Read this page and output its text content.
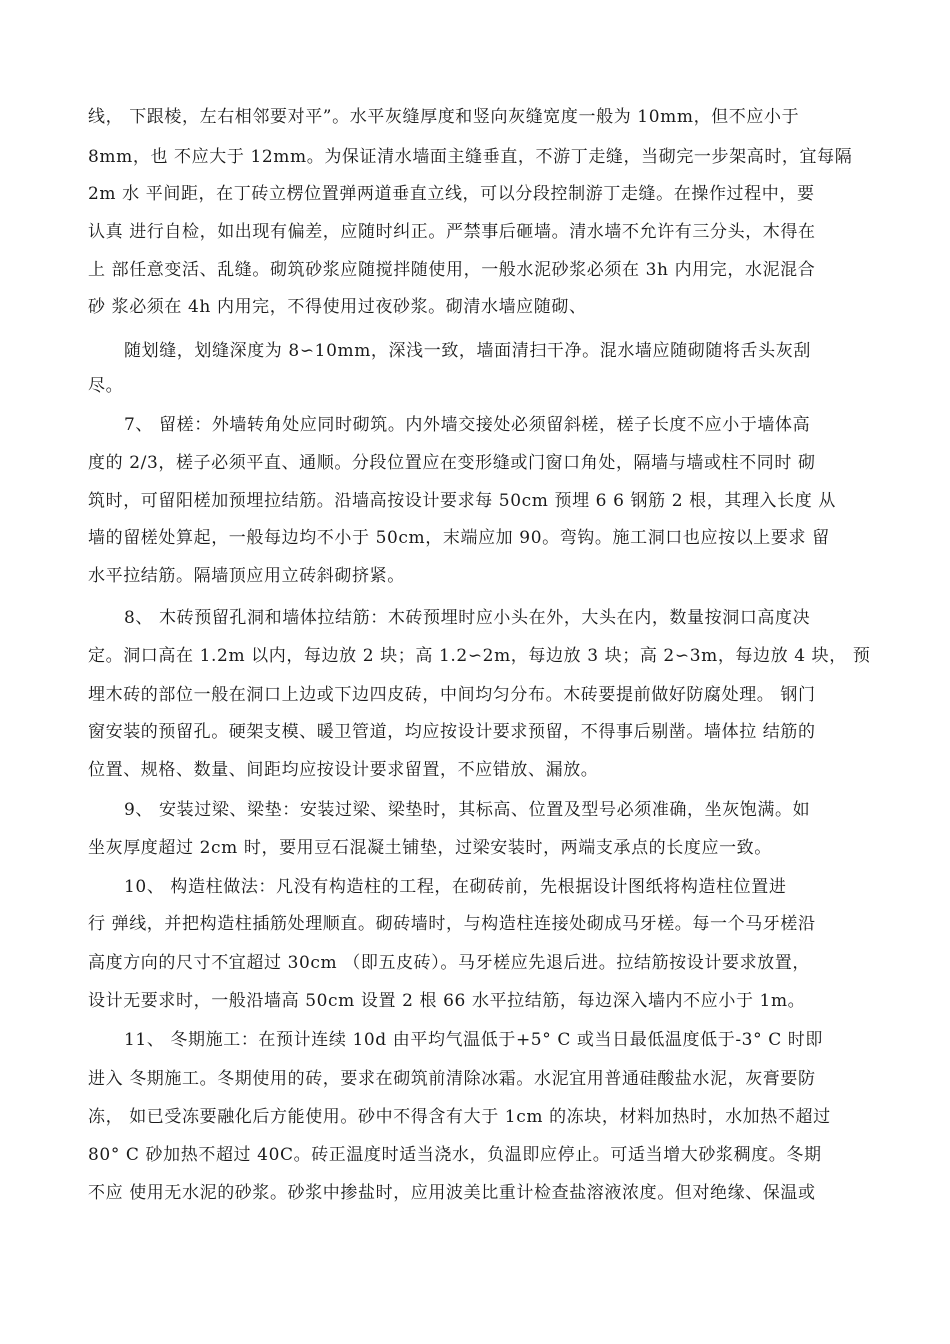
线， 下跟棱，左右相邻要对平”。水平灰缝厚度和竖向灰缝宽度一般为 10mm，但不应小于
8mm，也 不应大于 12mm。为保证清水墙面主缝垂直，不游丁走缝，当砌完一步架高时，宜每隔
2m 水 平间距，在丁砖立楞位置弹两道垂直立线，可以分段控制游丁走缝。在操作过程中，要
认真 进行自检，如出现有偏差，应随时纠正。严禁事后砸墙。清水墙不允许有三分头，木得在
上 部任意变活、乱缝。砌筑砂浆应随搅拌随使用，一般水泥砂浆必须在 3h 内用完，水泥混合
砂 浆必须在 4h 内用完，不得使用过夜砂浆。砌清水墙应随砌、
随划缝，划缝深度为 8∽10mm，深浅一致，墙面清扫干净。混水墙应随砌随将舌头灰刮
尽。
7、 留槎：外墙转角处应同时砌筑。内外墙交接处必须留斜槎，槎子长度不应小于墙体高
度的 2/3，槎子必须平直、通顺。分段位置应在变形缝或门窗口角处，隔墙与墙或柱不同时 砌
筑时，可留阳槎加预埋拉结筋。沿墙高按设计要求每 50cm 预埋 6 6 钢筋 2 根，其理入长度 从
墙的留槎处算起，一般每边均不小于 50cm，末端应加 90。弯钩。施工洞口也应按以上要求 留
水平拉结筋。隔墙顶应用立砖斜砌挤紧。
8、 木砖预留孔洞和墙体拉结筋：木砖预埋时应小头在外，大头在内，数量按洞口高度决
定。洞口高在 1.2m 以内，每边放 2 块；高 1.2∽2m，每边放 3 块；高 2∽3m，每边放 4 块， 预
埋木砖的部位一般在洞口上边或下边四皮砖，中间均匀分布。木砖要提前做好防腐处理。 钢门
窗安装的预留孔。硬架支模、暖卫管道，均应按设计要求预留，不得事后剔凿。墙体拉 结筋的
位置、规格、数量、间距均应按设计要求留置，不应错放、漏放。
9、 安装过梁、梁垫：安装过梁、梁垫时，其标高、位置及型号必须准确，坐灰饱满。如
坐灰厚度超过 2cm 时，要用豆石混凝土铺垫，过梁安装时，两端支承点的长度应一致。
10、 构造柱做法：凡没有构造柱的工程，在砌砖前，先根据设计图纸将构造柱位置进
行 弹线，并把构造柱插筋处理顺直。砌砖墙时，与构造柱连接处砌成马牙槎。每一个马牙槎沿
高度方向的尺寸不宜超过 30cm （即五皮砖）。马牙槎应先退后进。拉结筋按设计要求放置，
设计无要求时，一般沿墙高 50cm 设置 2 根 66 水平拉结筋，每边深入墙内不应小于 1m。
11、 冬期施工：在预计连续 10d 由平均气温低于+5° C 或当日最低温度低于-3° C 时即
进入 冬期施工。冬期使用的砖，要求在砌筑前清除冰霜。水泥宜用普通硅酸盐水泥，灰膏要防
冻， 如已受冻要融化后方能使用。砂中不得含有大于 1cm 的冻块，材料加热时，水加热不超过
80° C 砂加热不超过 40C。砖正温度时适当浇水，负温即应停止。可适当增大砂浆稠度。冬期
不应 使用无水泥的砂浆。砂浆中掺盐时，应用波美比重计检查盐溶液浓度。但对绝缘、保温或
